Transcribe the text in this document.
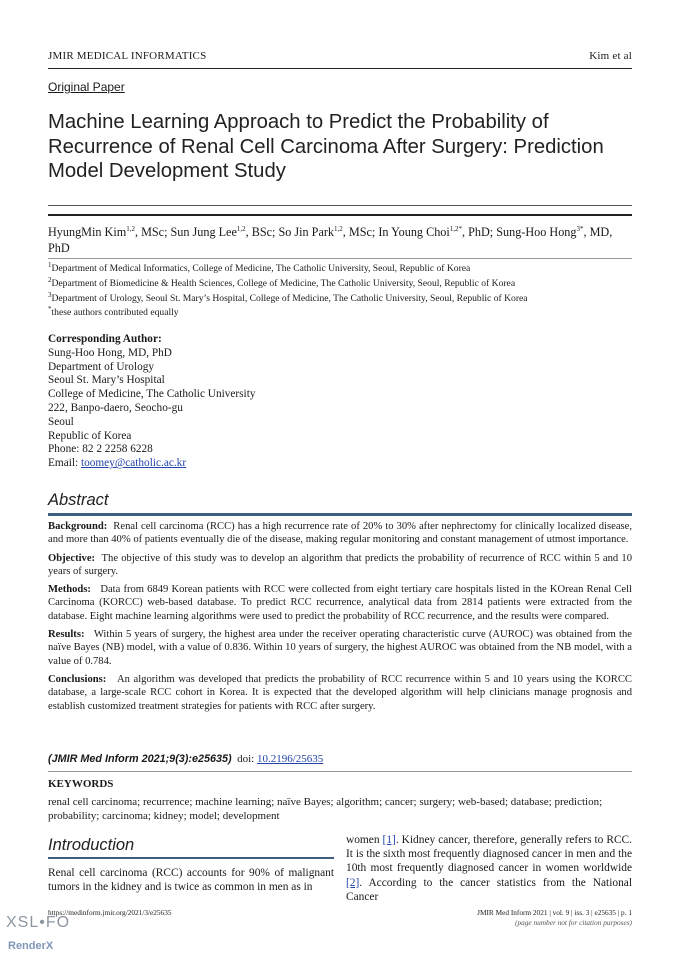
JMIR MEDICAL INFORMATICS	Kim et al
Original Paper
Machine Learning Approach to Predict the Probability of Recurrence of Renal Cell Carcinoma After Surgery: Prediction Model Development Study
HyungMin Kim$^{1,2}$, MSc; Sun Jung Lee$^{1,2}$, BSc; So Jin Park$^{1,2}$, MSc; In Young Choi$^{1,2*}$, PhD; Sung-Hoo Hong$^{3*}$, MD, PhD
$^1$Department of Medical Informatics, College of Medicine, The Catholic University, Seoul, Republic of Korea
$^2$Department of Biomedicine & Health Sciences, College of Medicine, The Catholic University, Seoul, Republic of Korea
$^3$Department of Urology, Seoul St. Mary’s Hospital, College of Medicine, The Catholic University, Seoul, Republic of Korea
*these authors contributed equally
Corresponding Author:
Sung-Hoo Hong, MD, PhD
Department of Urology
Seoul St. Mary’s Hospital
College of Medicine, The Catholic University
222, Banpo-daero, Seocho-gu
Seoul
Republic of Korea
Phone: 82 2 2258 6228
Email: toomey@catholic.ac.kr
Abstract

Background: Renal cell carcinoma (RCC) has a high recurrence rate of 20% to 30% after nephrectomy for clinically localized disease, and more than 40% of patients eventually die of the disease, making regular monitoring and constant management of utmost importance.

Objective: The objective of this study was to develop an algorithm that predicts the probability of recurrence of RCC within 5 and 10 years of surgery.

Methods: Data from 6849 Korean patients with RCC were collected from eight tertiary care hospitals listed in the KOrean Renal Cell Carcinoma (KORCC) web-based database. To predict RCC recurrence, analytical data from 2814 patients were extracted from the database. Eight machine learning algorithms were used to predict the probability of RCC recurrence, and the results were compared.

Results: Within 5 years of surgery, the highest area under the receiver operating characteristic curve (AUROC) was obtained from the naïve Bayes (NB) model, with a value of 0.836. Within 10 years of surgery, the highest AUROC was obtained from the NB model, with a value of 0.784.

Conclusions: An algorithm was developed that predicts the probability of RCC recurrence within 5 and 10 years using the KORCC database, a large-scale RCC cohort in Korea. It is expected that the developed algorithm will help clinicians manage prognosis and establish customized treatment strategies for patients with RCC after surgery.

(JMIR Med Inform 2021;9(3):e25635) doi: 10.2196/25635
KEYWORDS
renal cell carcinoma; recurrence; machine learning; naïve Bayes; algorithm; cancer; surgery; web-based; database; prediction; probability; carcinoma; kidney; model; development
Introduction
Renal cell carcinoma (RCC) accounts for 90% of malignant tumors in the kidney and is twice as common in men as in
women [1]. Kidney cancer, therefore, generally refers to RCC. It is the sixth most frequently diagnosed cancer in men and the 10th most frequently diagnosed cancer in women worldwide [2]. According to the cancer statistics from the National Cancer
https://medinform.jmir.org/2021/3/e25635	JMIR Med Inform 2021 | vol. 9 | iss. 3 | e25635 | p. 1
(page number not for citation purposes)
XSL•FO
RenderX
